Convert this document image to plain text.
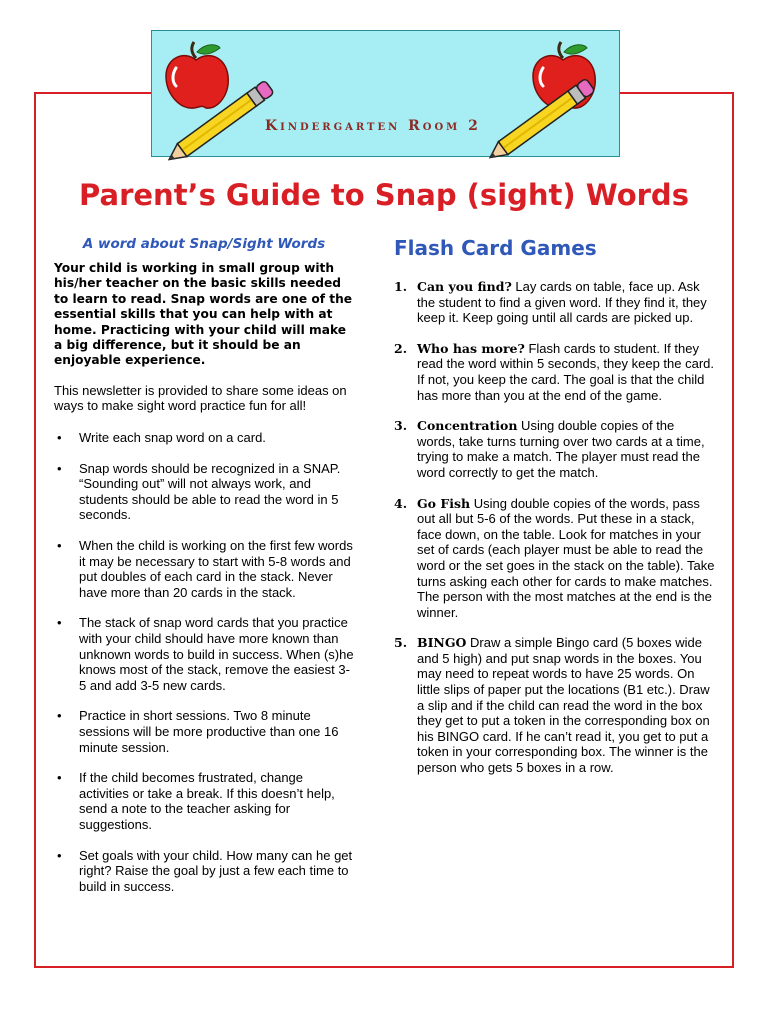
Kindergarten Room 2
Parent’s Guide to Snap (sight) Words
A word about Snap/Sight Words

Your child is working in small group with his/her teacher on the basic skills needed to learn to read. Snap words are one of the essential skills that you can help with at home. Practicing with your child will make a big difference, but it should be an enjoyable experience.

This newsletter is provided to share some ideas on ways to make sight word practice fun for all!

• Write each snap word on a card.
• Snap words should be recognized in a SNAP. “Sounding out” will not always work, and students should be able to read the word in 5 seconds.
• When the child is working on the first few words it may be necessary to start with 5-8 words and put doubles of each card in the stack. Never have more than 20 cards in the stack.
• The stack of snap word cards that you practice with your child should have more known than unknown words to build in success. When (s)he knows most of the stack, remove the easiest 3-5 and add 3-5 new cards.
• Practice in short sessions. Two 8 minute sessions will be more productive than one 16 minute session.
• If the child becomes frustrated, change activities or take a break. If this doesn’t help, send a note to the teacher asking for suggestions.
• Set goals with your child. How many can he get right? Raise the goal by just a few each time to build in success.
Flash Card Games
1. Can you find? Lay cards on table, face up. Ask the student to find a given word. If they find it, they keep it. Keep going until all cards are picked up.
2. Who has more? Flash cards to student. If they read the word within 5 seconds, they keep the card. If not, you keep the card. The goal is that the child has more than you at the end of the game.
3. Concentration Using double copies of the words, take turns turning over two cards at a time, trying to make a match. The player must read the word correctly to get the match.
4. Go Fish Using double copies of the words, pass out all but 5-6 of the words. Put these in a stack, face down, on the table. Look for matches in your set of cards (each player must be able to read the word or the set goes in the stack on the table). Take turns asking each other for cards to make matches. The person with the most matches at the end is the winner.
5. BINGO Draw a simple Bingo card (5 boxes wide and 5 high) and put snap words in the boxes. You may need to repeat words to have 25 words. On little slips of paper put the locations (B1 etc.). Draw a slip and if the child can read the word in the box they get to put a token in the corresponding box on his BINGO card. If he can’t read it, you get to put a token in your corresponding box. The winner is the person who gets 5 boxes in a row.
